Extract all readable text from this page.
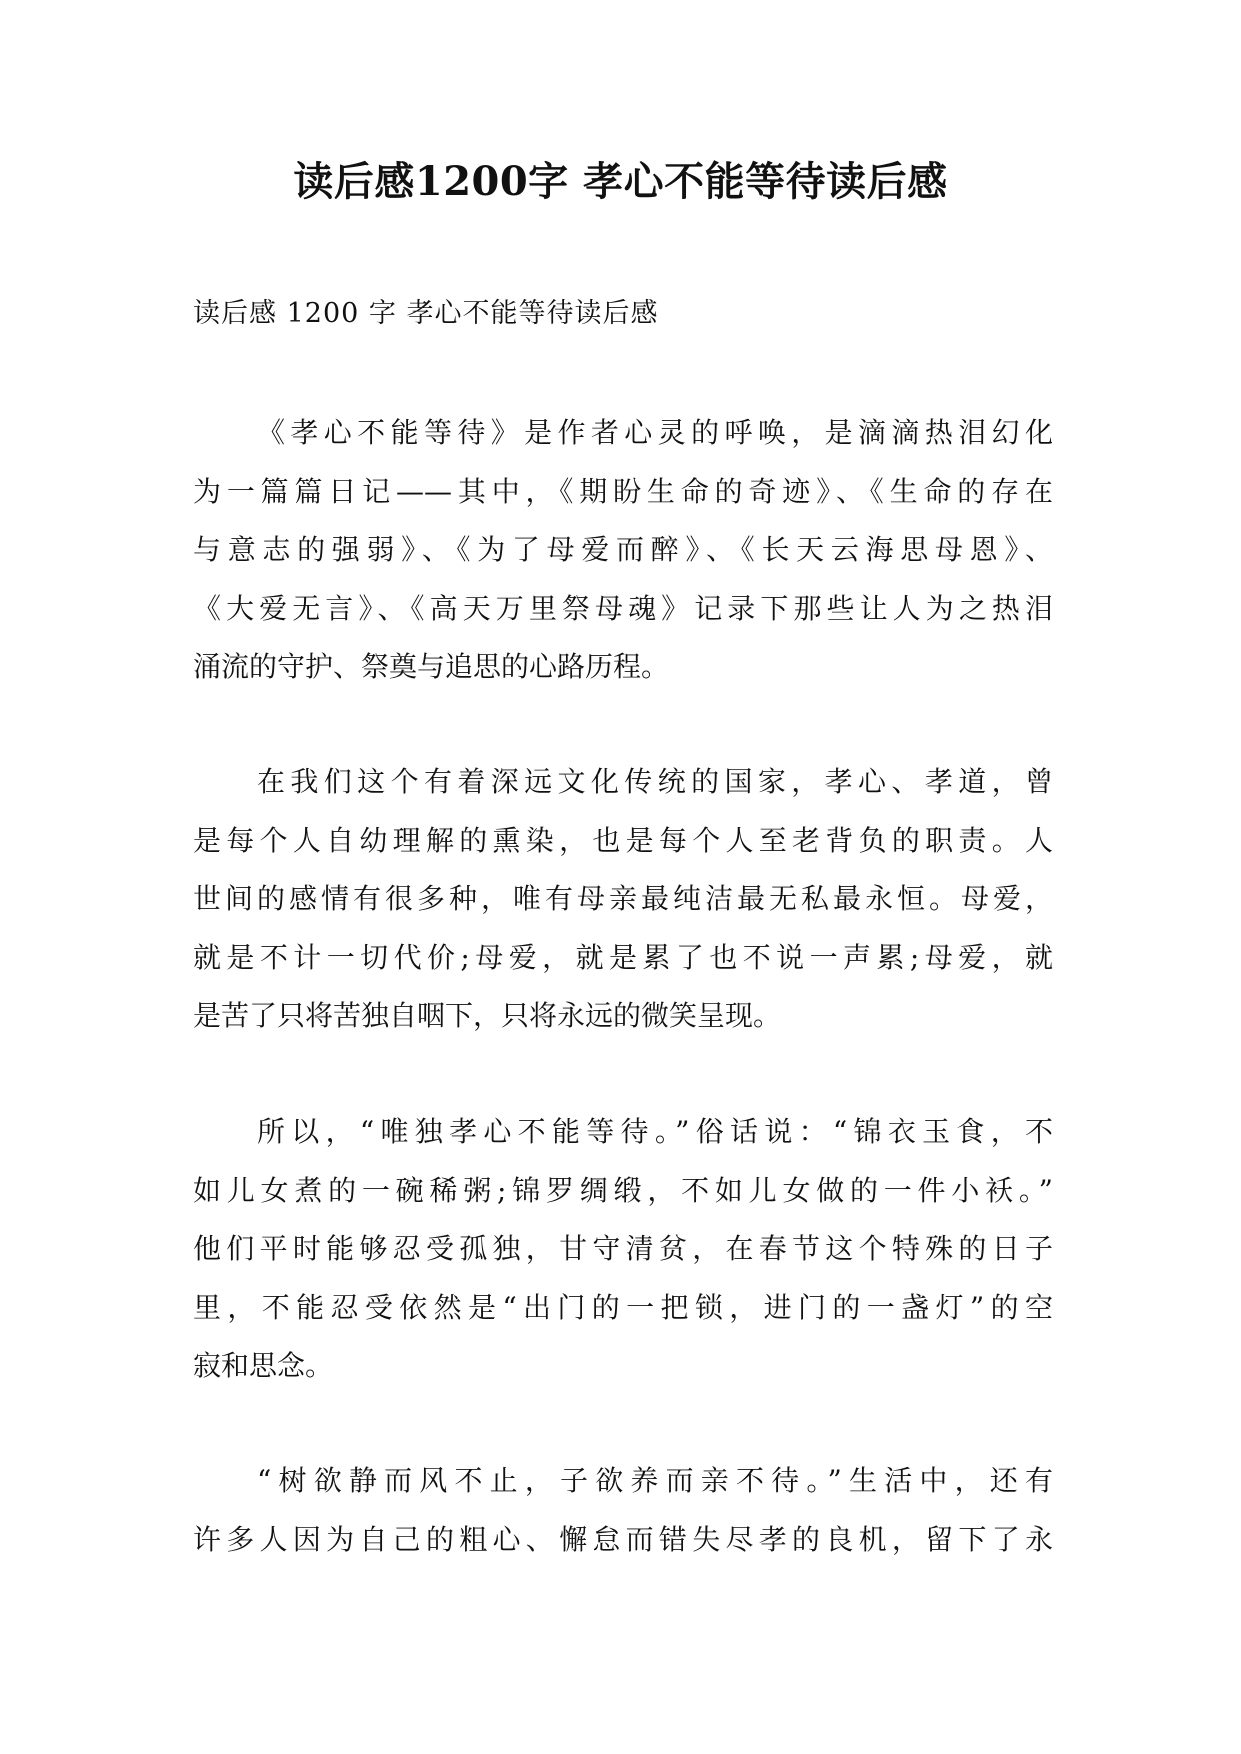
读后感1200字 孝心不能等待读后感

读后感 1200 字 孝心不能等待读后感

《孝心不能等待》是作者心灵的呼唤，是滴滴热泪幻化
为一篇篇日记——其中，《期盼生命的奇迹》、《生命的存在
与意志的强弱》、《为了母爱而醉》、《长天云海思母恩》、
《大爱无言》、《高天万里祭母魂》记录下那些让人为之热泪
涌流的守护、祭奠与追思的心路历程。
在我们这个有着深远文化传统的国家，孝心、孝道，曾
是每个人自幼理解的熏染，也是每个人至老背负的职责。人
世间的感情有很多种，唯有母亲最纯洁最无私最永恒。母爱，
就是不计一切代价;母爱，就是累了也不说一声累;母爱，就
是苦了只将苦独自咽下，只将永远的微笑呈现。
所以，“唯独孝心不能等待。”俗话说：“锦衣玉食，不
如儿女煮的一碗稀粥;锦罗绸缎，不如儿女做的一件小袄。”
他们平时能够忍受孤独，甘守清贫，在春节这个特殊的日子
里，不能忍受依然是“出门的一把锁，进门的一盏灯”的空
寂和思念。
“树欲静而风不止，子欲养而亲不待。”生活中，还有
许多人因为自己的粗心、懈怠而错失尽孝的良机，留下了永
